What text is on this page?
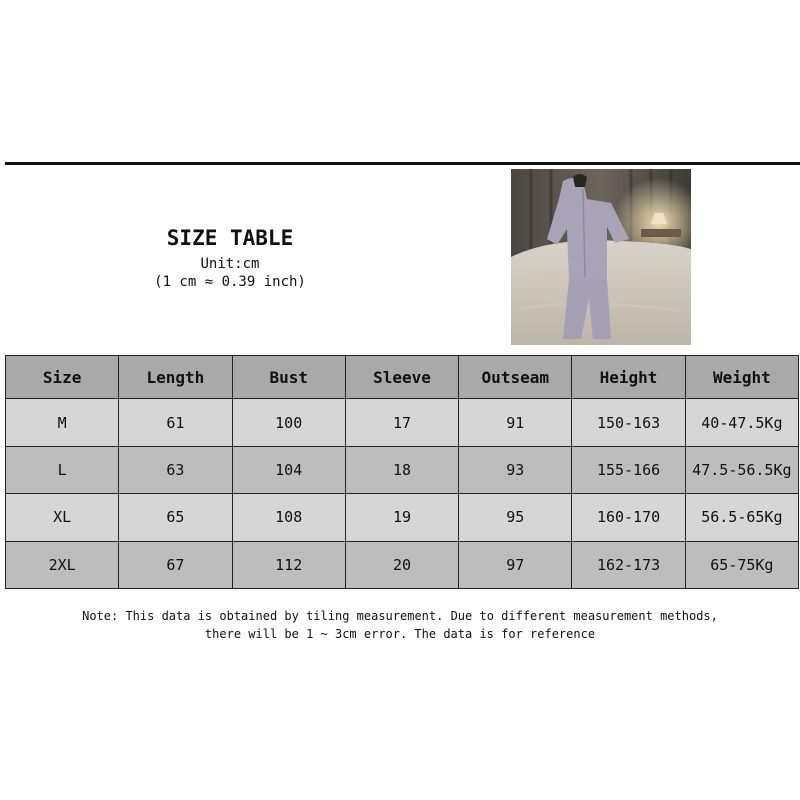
SIZE TABLE
Unit:cm
(1 cm ≈ 0.39 inch)
Size	Length	Bust	Sleeve	Outseam	Height	Weight
M	61	100	17	91	150-163	40-47.5Kg
L	63	104	18	93	155-166	47.5-56.5Kg
XL	65	108	19	95	160-170	56.5-65Kg
2XL	67	112	20	97	162-173	65-75Kg
Note: This data is obtained by tiling measurement. Due to different measurement methods,
there will be 1 ~ 3cm error. The data is for reference
